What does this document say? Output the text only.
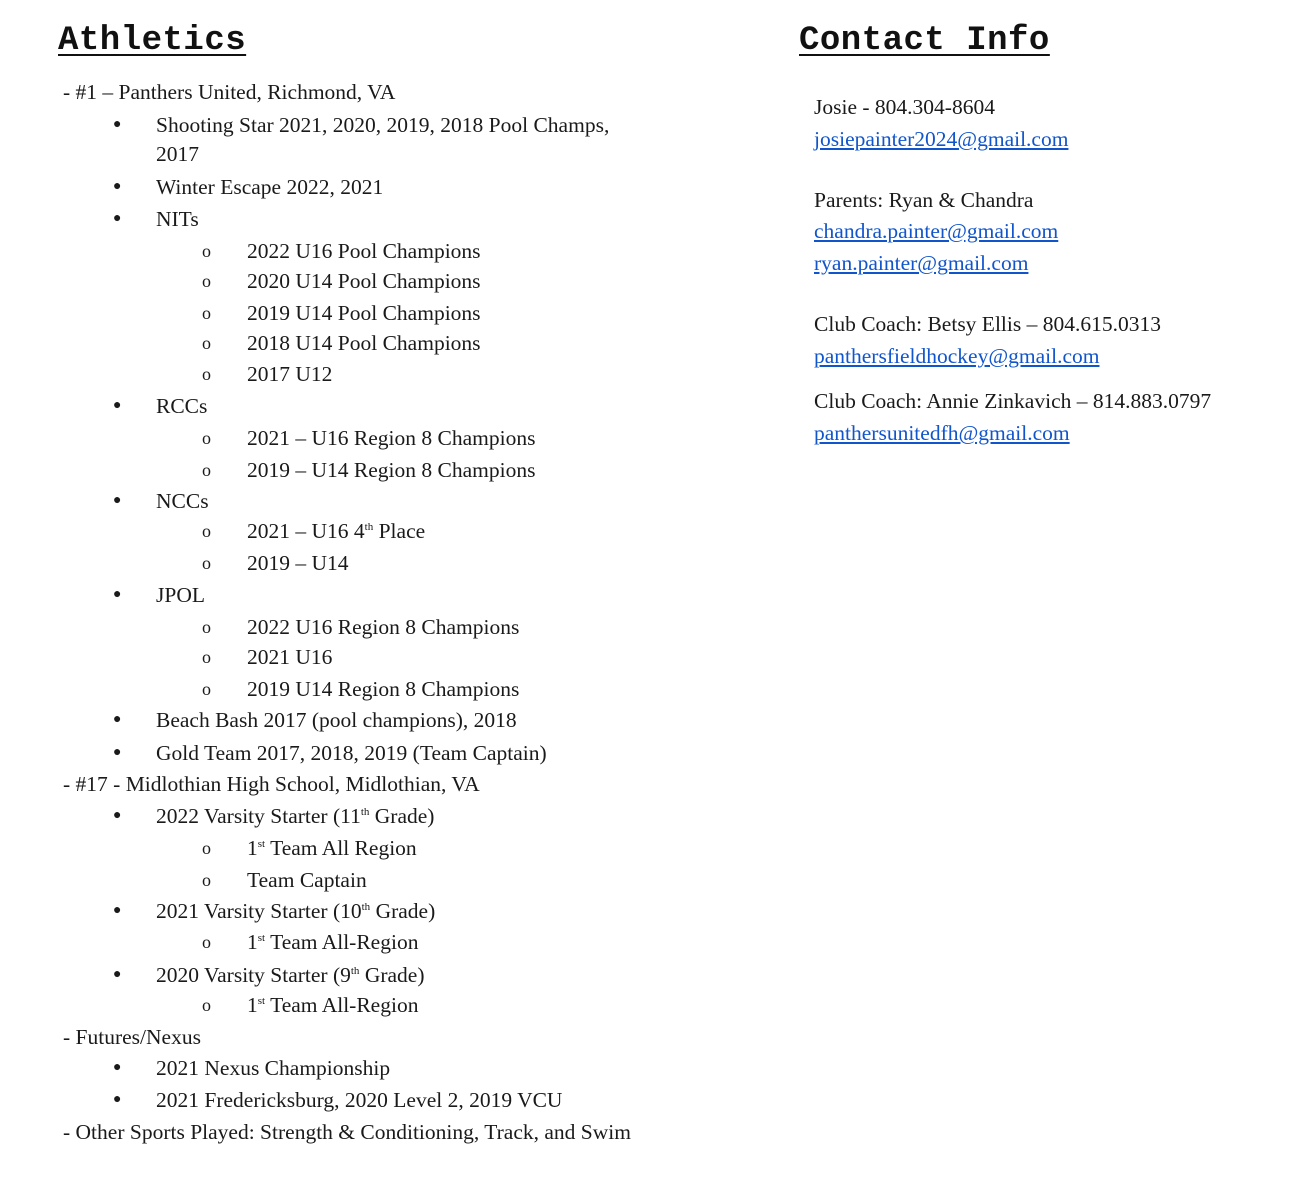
Athletics
- #1 – Panthers United, Richmond, VA
● Shooting Star 2021, 2020, 2019, 2018 Pool Champs,
2017
● Winter Escape 2022, 2021
● NITs
o 2022 U16 Pool Champions
o 2020 U14 Pool Champions
o 2019 U14 Pool Champions
o 2018 U14 Pool Champions
o 2017 U12
● RCCs
o 2021 – U16 Region 8 Champions
o 2019 – U14 Region 8 Champions
● NCCs
o 2021 – U16 4th Place
o 2019 – U14
● JPOL
o 2022 U16 Region 8 Champions
o 2021 U16
o 2019 U14 Region 8 Champions
● Beach Bash 2017 (pool champions), 2018
● Gold Team 2017, 2018, 2019 (Team Captain)
- #17 - Midlothian High School, Midlothian, VA
● 2022 Varsity Starter (11th Grade)
o 1st Team All Region
o Team Captain
● 2021 Varsity Starter (10th Grade)
o 1st Team All-Region
● 2020 Varsity Starter (9th Grade)
o 1st Team All-Region
- Futures/Nexus
● 2021 Nexus Championship
● 2021 Fredericksburg, 2020 Level 2, 2019 VCU
- Other Sports Played: Strength & Conditioning, Track, and Swim
Contact Info
Josie - 804.304-8604
josiepainter2024@gmail.com
Parents: Ryan & Chandra
chandra.painter@gmail.com
ryan.painter@gmail.com
Club Coach: Betsy Ellis – 804.615.0313
panthersfieldhockey@gmail.com
Club Coach: Annie Zinkavich – 814.883.0797
panthersunitedfh@gmail.com
